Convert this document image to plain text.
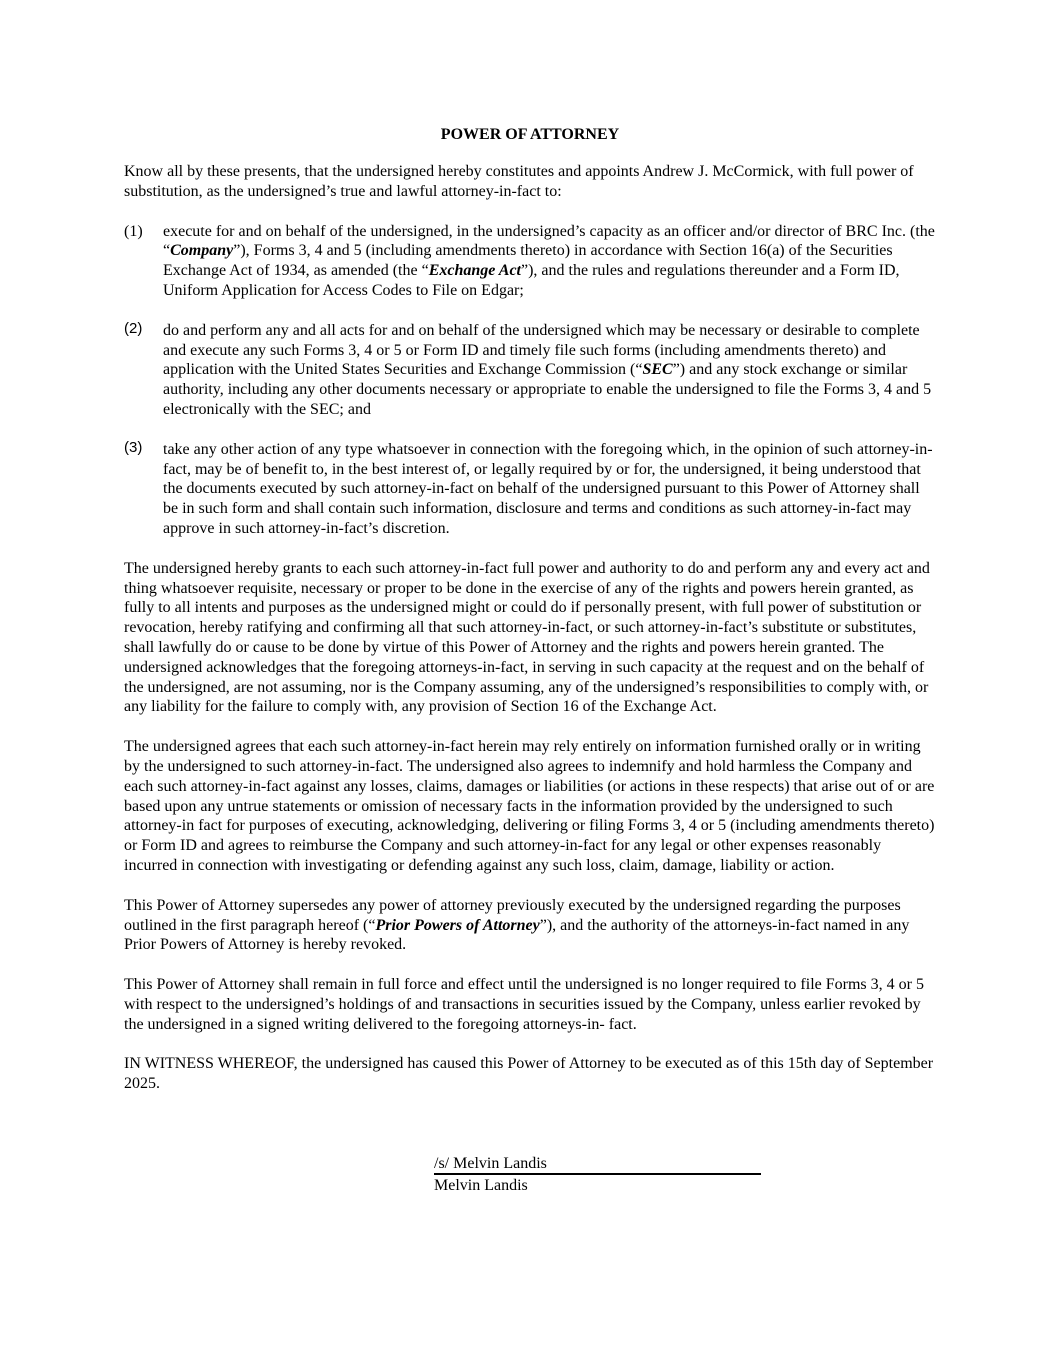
POWER OF ATTORNEY

Know all by these presents, that the undersigned hereby constitutes and appoints Andrew J. McCormick, with full power of substitution, as the undersigned’s true and lawful attorney-in-fact to:

(1)	execute for and on behalf of the undersigned, in the undersigned’s capacity as an officer and/or director of BRC Inc. (the “Company”), Forms 3, 4 and 5 (including amendments thereto) in accordance with Section 16(a) of the Securities Exchange Act of 1934, as amended (the “Exchange Act”), and the rules and regulations thereunder and a Form ID, Uniform Application for Access Codes to File on Edgar;
(2)	do and perform any and all acts for and on behalf of the undersigned which may be necessary or desirable to complete and execute any such Forms 3, 4 or 5 or Form ID and timely file such forms (including amendments thereto) and application with the United States Securities and Exchange Commission (“SEC”) and any stock exchange or similar authority, including any other documents necessary or appropriate to enable the undersigned to file the Forms 3, 4 and 5 electronically with the SEC; and
(3)	take any other action of any type whatsoever in connection with the foregoing which, in the opinion of such attorney-in-fact, may be of benefit to, in the best interest of, or legally required by or for, the undersigned, it being understood that the documents executed by such attorney-in-fact on behalf of the undersigned pursuant to this Power of Attorney shall be in such form and shall contain such information, disclosure and terms and conditions as such attorney-in-fact may approve in such attorney-in-fact’s discretion.

The undersigned hereby grants to each such attorney-in-fact full power and authority to do and perform any and every act and thing whatsoever requisite, necessary or proper to be done in the exercise of any of the rights and powers herein granted, as fully to all intents and purposes as the undersigned might or could do if personally present, with full power of substitution or revocation, hereby ratifying and confirming all that such attorney-in-fact, or such attorney-in-fact’s substitute or substitutes, shall lawfully do or cause to be done by virtue of this Power of Attorney and the rights and powers herein granted. The undersigned acknowledges that the foregoing attorneys-in-fact, in serving in such capacity at the request and on the behalf of the undersigned, are not assuming, nor is the Company assuming, any of the undersigned’s responsibilities to comply with, or any liability for the failure to comply with, any provision of Section 16 of the Exchange Act.

The undersigned agrees that each such attorney-in-fact herein may rely entirely on information furnished orally or in writing by the undersigned to such attorney-in-fact. The undersigned also agrees to indemnify and hold harmless the Company and each such attorney-in-fact against any losses, claims, damages or liabilities (or actions in these respects) that arise out of or are based upon any untrue statements or omission of necessary facts in the information provided by the undersigned to such attorney-in fact for purposes of executing, acknowledging, delivering or filing Forms 3, 4 or 5 (including amendments thereto) or Form ID and agrees to reimburse the Company and such attorney-in-fact for any legal or other expenses reasonably incurred in connection with investigating or defending against any such loss, claim, damage, liability or action.

This Power of Attorney supersedes any power of attorney previously executed by the undersigned regarding the purposes outlined in the first paragraph hereof (“Prior Powers of Attorney”), and the authority of the attorneys-in-fact named in any Prior Powers of Attorney is hereby revoked.

This Power of Attorney shall remain in full force and effect until the undersigned is no longer required to file Forms 3, 4 or 5 with respect to the undersigned’s holdings of and transactions in securities issued by the Company, unless earlier revoked by the undersigned in a signed writing delivered to the foregoing attorneys-in- fact.

IN WITNESS WHEREOF, the undersigned has caused this Power of Attorney to be executed as of this 15th day of September 2025.

/s/ Melvin Landis
Melvin Landis
